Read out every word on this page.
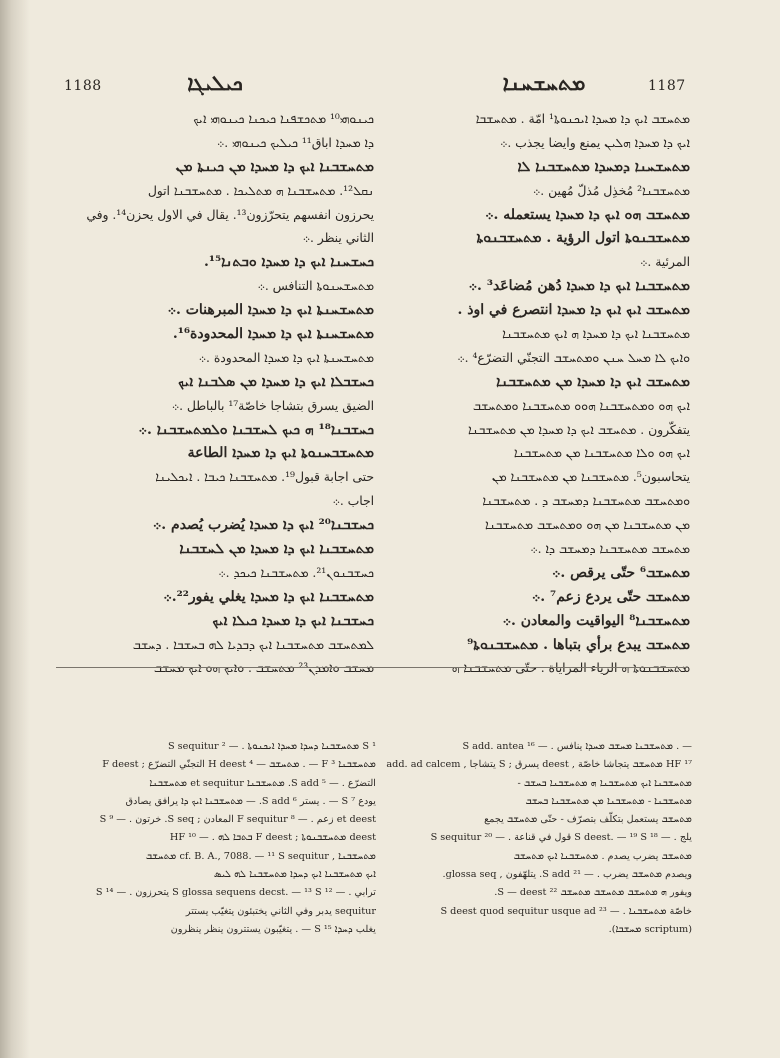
1188	ܟܝܠܝܓܐ	ܡܬܚܫܚܢܐ	1187
ܟܝܢܘܗܝ¹⁰ ܡܬܟܫܦܢܐ ܟܝܟܢܐ ܟܝܢܘܗܝ ܐܝܟ
ܕܐ ܡܚܕܐ اباق¹¹ ܟܝܠܝܟ ܟܝܢܘܗܝ .܀
ܡܬܚܫܒܢܐ ܐܝܟ ܕܐ ܡܚܕܐ ܡܢ ܟܝܢܬܐ ܡܢ
ܢܩܠ¹². ܡܬܚܫܒܢܐ ܗ ܡܬܠܝܟܐ . ܡܬܚܫܒܢܐ اتول
يحرزون انفسهم يتحرّزون¹³. يقال في الاول يحزن¹⁴. وفي
الثاني ينظر .܀
ܟܚܫܚܢܐ ܐܝܟ ܕܐ ܡܚܕܐ ܘܒܬܢܐ¹⁵.
ܡܬܚܫܚܢܘܬܐ التنافس .܀
ܡܬܚܫܚܢܬܐ ܐܝܟ ܕܐ ܡܚܕܐ المبرهنات .܀
ܡܬܚܫܚܢܬܐ ܐܝܟ ܕܐ ܡܚܕܐ المحدودة¹⁶.
ܡܬܚܫܚܢܬܐ ܐܝܟ ܕܐ ܡܚܕܐ المحدودة .܀
ܟܚܫܒܠܐ ܐܝܟ ܕܐ ܡܚܕܐ ܡܢ ܣܠܒܢܐ ܐܝܟ
الضيق يسرق بتشاجا خاصّة¹⁷ بالباطل .܀
ܟܚܫܒܢܐ¹⁸ ܗ ܟܝܟ ܠܚܫܒܢܐ ܘܠܡܬܚܫܒܢܐ .܀
ܡܬܚܫܒܚܢܘܬܐ ܐܝܟ ܕܐ ܡܚܕܐ الطاعة
حتى اجابة قبول¹⁹. ܡܬܚܫܒܢܐ ܟܝܒܐ . ܐܝܟܠܝܢܐ
اجاب .܀
ܟܚܫܒܢܐ²⁰ ܐܝܟ ܕܐ ܡܚܕܐ يُضرب يُصدم .܀
ܡܬܚܫܒܢܐ ܐܝܟ ܕܐ ܡܚܕܐ ܡܢ ܠܚܫܒܢܐ
ܟܚܫܒܢܘܢ²¹. ܡܬܚܫܒܢܐ ܟܝܟܕ .܀
ܡܬܚܫܒܢܐ ܐܝܟ ܕܐ ܡܚܕܐ يغلي يفور²².܀
ܟܚܫܒܢܐ ܐܝܟ ܕܐ ܡܚܕܐ ܟܝܠܐ ܐܝܟ
ܠܡܬܚܫܒ ܡܬܚܫܒܢܐ ܐܝܟ ܕܒܕܝܐ ܠܗ ܒܚܫܒܐ . ܕܚܫܒ
ܡܚܫܒ ܘܐܡܕܢ²³ ܡܬܚܫܒ . ܘܐܝܟ ܗܘ ܐܝܟ ܡܚܫܒ
ܡܬܚܫܒ ܐܝܟ ܕܐ ܡܚܕܐ ܐܝܟܢܘܬܐ¹ امّة . ܡܬܚܫܒܐ
ܐܝܟ ܕܐ ܡܚܕܐ ܗܠܝܢ يمنع وايضا يجذب .܀
ܡܬܚܫܚܢܐ ܕܡܚܕܐ ܡܬܚܫܒܢܐ ܠܐ
ܡܬܚܫܒܢܐ² مُخذِل مُذلّ مُهين .܀
ܡܬܚܫܒ ܗܘ ܐܝܟ ܕܐ ܡܚܕܐ يستعمله .܀
ܡܬܚܫܒܢܘܬܐ اتول الرؤية . ܡܬܚܫܒܢܘܬܐ
المرئية .܀
ܡܬܚܫܒܢܐ ܐܝܟ ܕܐ ܡܚܕܐ دُهن مُضاعَد³ .܀
ܡܬܚܫܒ ܐܝܟ ܐܝܟ ܕܐ ܡܚܕܐ انتصرع في اوذ .
ܡܬܚܫܒܢܐ ܐܝܟ ܕܐ ܡܚܕܐ ܗ ܐܝܟ ܡܬܚܫܒܢܐ
ܘܐܝܟ ܠܐ ܡܚܠ ܚܢܢ ܘܡܬܚܫܒ التجنّي التضرّع⁴ .܀
ܡܬܚܫܒ ܐܝܟ ܕܐ ܡܚܕܐ ܡܢ ܡܬܚܫܒܢܐ
ܐܝܟ ܗܘ ܘܡܬܚܫܒܢܐ ܗܘܘ ܡܬܚܫܒܢܐ ܘܡܬܚܫܒ
يتفكّرون . ܡܬܚܫܒ ܐܝܟ ܕܐ ܡܚܕܐ ܡܢ ܡܬܚܫܒܢܐ
ܐܝܟ ܗܘ ܘܠܐ ܡܬܚܫܒܢܐ ܡܢ ܡܬܚܫܒܢܐ
يتحاسبون⁵. ܡܬܚܫܒܢܐ ܡܢ ܡܬܚܫܒܢܐ ܡܢ
ܘܡܬܚܫܒ ܡܬܚܫܒܢܐ ܕܡܚܫܒ ܕ . ܡܬܚܫܒܢܐ
ܡܢ ܡܬܚܫܒܢܐ ܡܢ ܗܘ ܘܡܬܚܫܒ ܡܬܚܫܒܢܐ
ܡܬܚܫܒ ܡܬܚܫܒܢܐ ܕܡܚܫܒ ܕܐ .܀
ܡܬܚܫܒ⁶ حتّى يرقص .܀
ܡܬܚܫܒ حتّى يردع زعم⁷ .܀
ܡܬܚܫܒܢܐ⁸ اليواقيت والمعادن .܀
ܡܬܚܫܒ يبدع برأي بتباها . ܡܬܚܫܒܢܘܬܐ⁹
ܡܬܚܫܒܢܘܬܐ ܗ الرياء المراياة . حتّى ܡܬܚܫܒܢܐ ܗ
¹ S ܡܬܚܫܒܢܐ ܕܚܕܐ ܡܚܕܐ ܐܝܟܢܘܬܐ . — ² S sequitur
ܡܬܚܫܒܢܐ F ³ — . ܡܬܚܫܒ — ⁴ H deest التجنّي التضرّع ; F deest
التضرّع . — ⁵ S add. ܡܬܚܫܒܢܐ et sequitur ܡܬܚܫܒܢܐ
يودع ⁷ S — . يستر ⁶ S add. — ܡܬܚܫܒܢܐ ܐܝܟ ܕܐ يرافق يصادق
et deest زعم . — ⁸ F sequitur المعادن ; S seq. خرتون . — ⁹ S
deest ܡܬܚܫܒܢܘܬܐ ; F deest ܒܬܒܐ ܠܗ . — ¹⁰ HF
ܡܬܚܫܒܢܐ , cf. B. A., 7088. — ¹¹ S sequitur ܡܬܚܫܒ
ܐܝܟ ܡܬܚܫܒܢܐ ܐܝܟ ܕܚܕܐ ܡܬܚܫܒܢܐ ܠܗ ܠܝܣ
ترابي . — ¹² S glossa sequens decst. — ¹³ S يتحرزون . — ¹⁴ S
sequitur يدبر وفي الثاني يختبئون يتغيّب يستتر
يغلب ܕܚܕܐ ¹⁵ S — . يتغيّبون يستترون ينظر ينظرون
— . ܡܬܚܫܒܢܐ ܡܚܫܒ ܡܚܕܐ ينافس . — ¹⁶ S add. antea
¹⁷ HF ܡܬܚܫܒ يتجاشا خاصّة , deest يسرق ; S يتشاجا , add. ad calcem
ܡܬܚܫܒܢܐ ܐܝܟ ܡܬܚܫܒܢܐ ܗ ܡܬܚܫܒܢܐ ܒܚܫܒ -
ܡܬܚܫܒܢܐ - ܡܬܚܫܒܢܐ ܡܢ ܡܬܚܫܒܢܐ ܒܚܫܒ
ܡܬܚܫܒ يستعمل بتكلّف بتصرّف - حتّى ܡܬܚܫܒ يجمع
يلج . — ¹⁸ S deest. — ¹⁹ S قول في قناعة . — ²⁰ S sequitur
ܡܬܚܫܒ يضرب يصدم . ܡܬܚܫܒܢܐ ܐܝܟ ܡܬܚܫܒ
ويصدم ܡܬܚܫܒ يضرب . — ²¹ S add. يتلهّفون , glossa seq.
ويفور ܗ ܡܬܚܫܒ ܡܬܚܫܒ ܡܬܚܫܒ ²² S — deest.
خاصّة ܡܬܚܫܒܢܐ . — ²³ S deest quod sequitur usque ad
(scriptum ܡܚܫܒܐ).
